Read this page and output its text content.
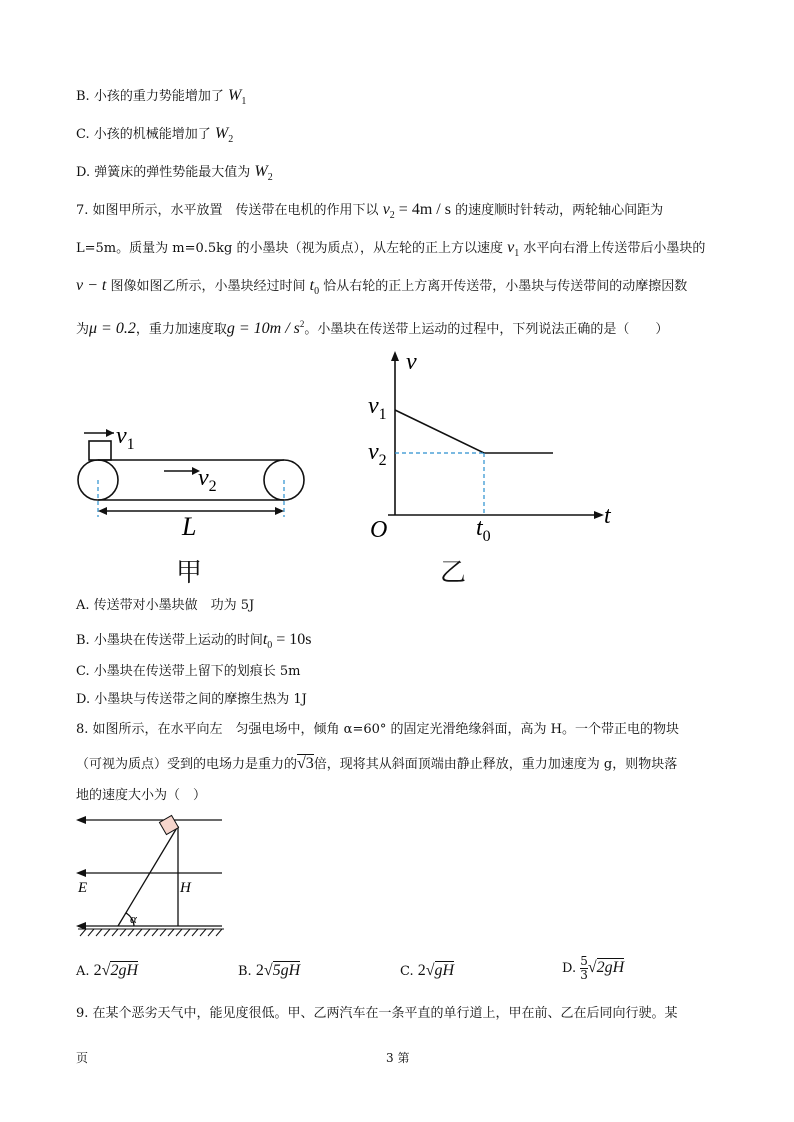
B. 小孩的重力势能增加了 $W_1$
C. 小孩的机械能增加了 $W_2$
D. 弹簧床的弹性势能最大值为 $W_2$
7. 如图甲所示，水平放置　传送带在电机的作用下以 $v_2 = 4m / s$ 的速度顺时针转动，两轮轴心间距为
L=5m。质量为 m=0.5kg 的小墨块（视为质点），从左轮的正上方以速度 $v_1$ 水平向右滑上传送带后小墨块的
v − t 图像如图乙所示，小墨块经过时间 $t_0$ 恰从右轮的正上方离开传送带，小墨块与传送带间的动摩擦因数
为μ = 0.2，重力加速度取$g = 10m / s^2$。小墨块在传送带上运动的过程中，下列说法正确的是（　　）
$v_1$
$v_2$
L
甲
v
t
O
$v_1$
$v_2$
$t_0$
乙
A. 传送带对小墨块做　功为 5J
B. 小墨块在传送带上运动的时间$t_0 = 10s$
C. 小墨块在传送带上留下的划痕长 5m
D. 小墨块与传送带之间的摩擦生热为 1J
8. 如图所示，在水平向左　匀强电场中，倾角 α=60° 的固定光滑绝缘斜面，高为 H。一个带正电的物块
（可视为质点）受到的电场力是重力的√3倍，现将其从斜面顶端由静止释放，重力加速度为 g，则物块落
地的速度大小为（　）
E	H
α
A. 2√2gH	B. 2√5gH	C. 2√gH	D. $\frac{5}{3} √2gH$
9. 在某个恶劣天气中，能见度很低。甲、乙两汽车在一条平直的单行道上，甲在前、乙在后同向行驶。某
页	3 第
